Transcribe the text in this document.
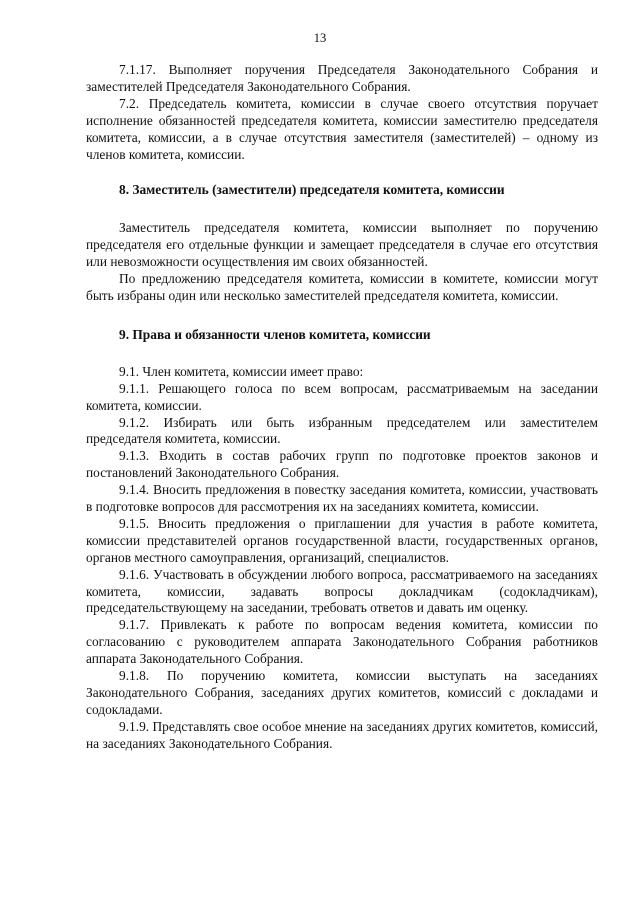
13

7.1.17. Выполняет поручения Председателя Законодательного Собрания и заместителей Председателя Законодательного Собрания.

7.2. Председатель комитета, комиссии в случае своего отсутствия поручает исполнение обязанностей председателя комитета, комиссии заместителю председателя комитета, комиссии, а в случае отсутствия заместителя (заместителей) – одному из членов комитета, комиссии.

8. Заместитель (заместители) председателя комитета, комиссии

Заместитель председателя комитета, комиссии выполняет по поручению председателя его отдельные функции и замещает председателя в случае его отсутствия или невозможности осуществления им своих обязанностей.

По предложению председателя комитета, комиссии в комитете, комиссии могут быть избраны один или несколько заместителей председателя комитета, комиссии.

9. Права и обязанности членов комитета, комиссии

9.1. Член комитета, комиссии имеет право:

9.1.1. Решающего голоса по всем вопросам, рассматриваемым на заседании комитета, комиссии.

9.1.2. Избирать или быть избранным председателем или заместителем председателя комитета, комиссии.

9.1.3. Входить в состав рабочих групп по подготовке проектов законов и постановлений Законодательного Собрания.

9.1.4. Вносить предложения в повестку заседания комитета, комиссии, участвовать в подготовке вопросов для рассмотрения их на заседаниях комитета, комиссии.

9.1.5. Вносить предложения о приглашении для участия в работе комитета, комиссии представителей органов государственной власти, государственных органов, органов местного самоуправления, организаций, специалистов.

9.1.6. Участвовать в обсуждении любого вопроса, рассматриваемого на заседаниях комитета, комиссии, задавать вопросы докладчикам (содокладчикам), председательствующему на заседании, требовать ответов и давать им оценку.

9.1.7. Привлекать к работе по вопросам ведения комитета, комиссии по согласованию с руководителем аппарата Законодательного Собрания работников аппарата Законодательного Собрания.

9.1.8. По поручению комитета, комиссии выступать на заседаниях Законодательного Собрания, заседаниях других комитетов, комиссий с докладами и содокладами.

9.1.9. Представлять свое особое мнение на заседаниях других комитетов, комиссий, на заседаниях Законодательного Собрания.
